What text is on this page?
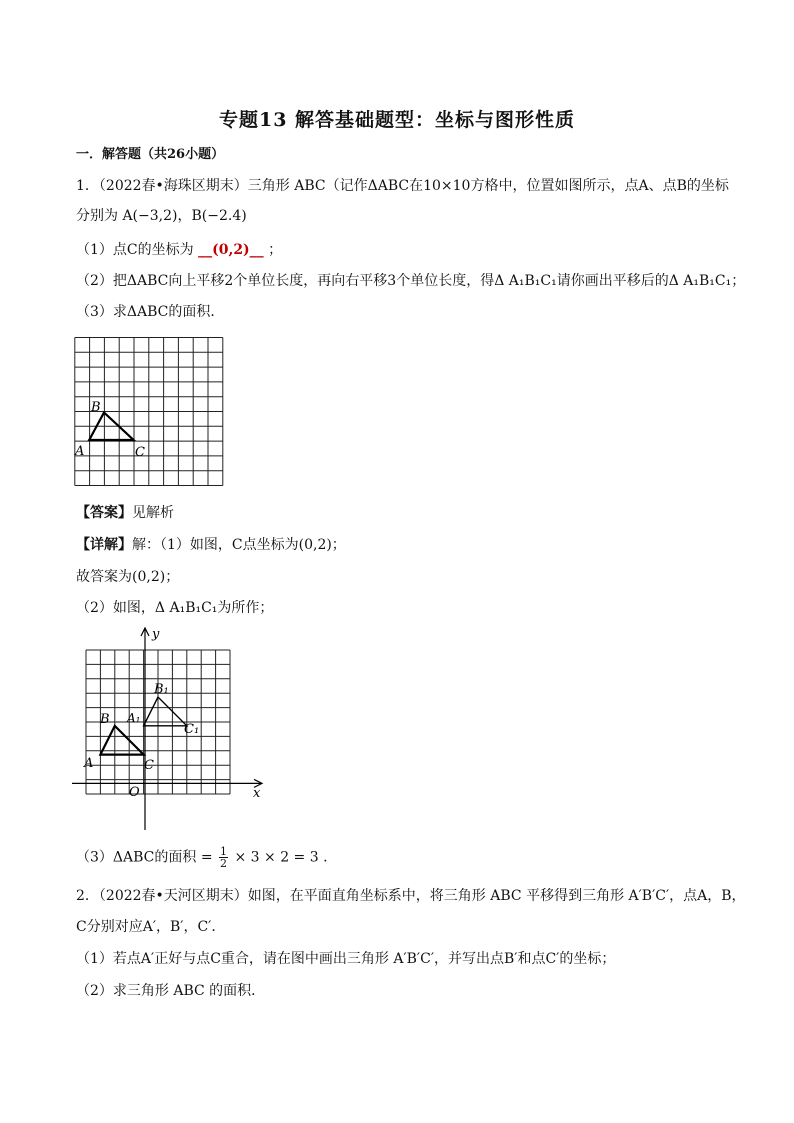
专题13 解答基础题型：坐标与图形性质
一．解答题（共26小题）
1．（2022春•海珠区期末）三角形 ABC（记作ΔABC在10×10方格中，位置如图所示，点A、点B的坐标
分别为 A(−3,2)，B(−2.4)
（1）点C的坐标为 __(0,2)__ ；
（2）把ΔABC向上平移2个单位长度，再向右平移3个单位长度，得Δ A₁B₁C₁请你画出平移后的Δ A₁B₁C₁；
（3）求ΔABC的面积．
B
A	C
【答案】见解析
【详解】解：（1）如图，C点坐标为(0,2)；
故答案为(0,2)；
（2）如图，Δ A₁B₁C₁为所作；
y
x
O
A
B
C
A₁
B₁
C₁
（3）ΔABC的面积 = $\frac{1}{2} \times 3 \times 2 = 3$ .
2．（2022春•天河区期末）如图，在平面直角坐标系中，将三角形 ABC 平移得到三角形 A′B′C′，点A，B，
C分别对应A′，B′，C′．
（1）若点A′正好与点C重合，请在图中画出三角形 A′B′C′，并写出点B′和点C′的坐标；
（2）求三角形 ABC 的面积．
